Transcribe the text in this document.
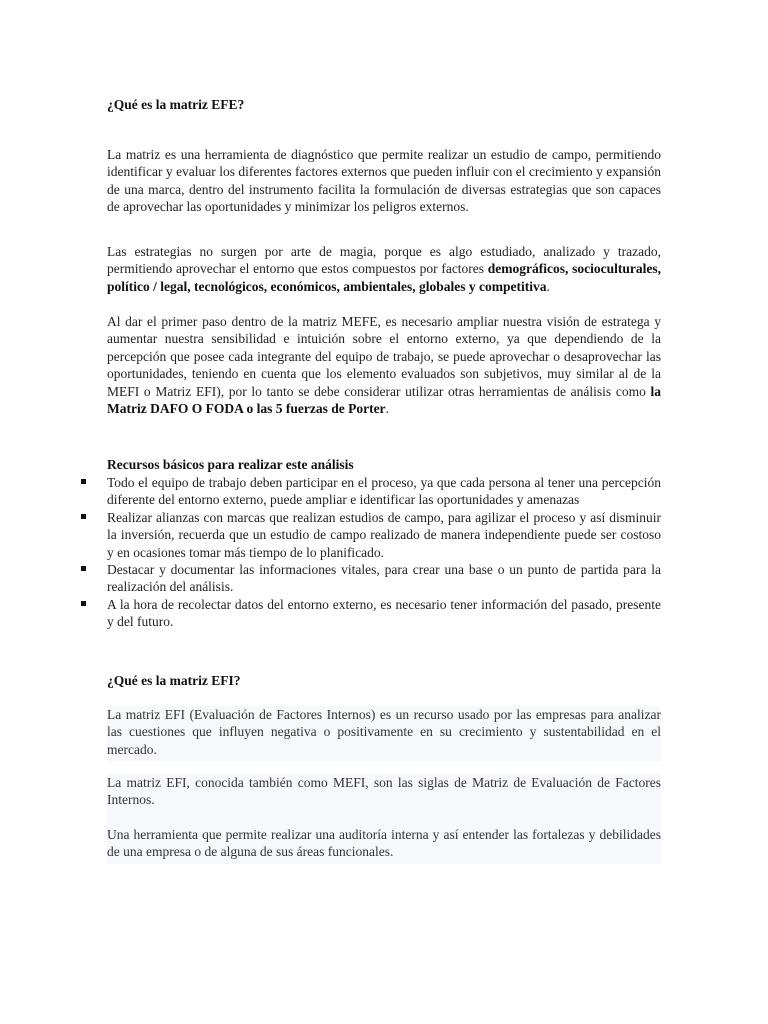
¿Qué es la matriz EFE?

La matriz es una herramienta de diagnóstico que permite realizar un estudio de campo, permitiendo identificar y evaluar los diferentes factores externos que pueden influir con el crecimiento y expansión de una marca, dentro del instrumento facilita la formulación de diversas estrategias que son capaces de aprovechar las oportunidades y minimizar los peligros externos.

Las estrategias no surgen por arte de magia, porque es algo estudiado, analizado y trazado, permitiendo aprovechar el entorno que estos compuestos por factores demográficos, socioculturales, político / legal, tecnológicos, económicos, ambientales, globales y competitiva.

Al dar el primer paso dentro de la matriz MEFE, es necesario ampliar nuestra visión de estratega y aumentar nuestra sensibilidad e intuición sobre el entorno externo, ya que dependiendo de la percepción que posee cada integrante del equipo de trabajo, se puede aprovechar o desaprovechar las oportunidades, teniendo en cuenta que los elemento evaluados son subjetivos, muy similar al de la MEFI o Matriz EFI), por lo tanto se debe considerar utilizar otras herramientas de análisis como la Matriz DAFO O FODA o las 5 fuerzas de Porter.

Recursos básicos para realizar este análisis

Todo el equipo de trabajo deben participar en el proceso, ya que cada persona al tener una percepción diferente del entorno externo, puede ampliar e identificar las oportunidades y amenazas
Realizar alianzas con marcas que realizan estudios de campo, para agilizar el proceso y así disminuir la inversión, recuerda que un estudio de campo realizado de manera independiente puede ser costoso y en ocasiones tomar más tiempo de lo planificado.
Destacar y documentar las informaciones vitales, para crear una base o un punto de partida para la realización del análisis.
A la hora de recolectar datos del entorno externo, es necesario tener información del pasado, presente y del futuro.

¿Qué es la matriz EFI?

La matriz EFI (Evaluación de Factores Internos) es un recurso usado por las empresas para analizar las cuestiones que influyen negativa o positivamente en su crecimiento y sustentabilidad en el mercado.

La matriz EFI, conocida también como MEFI, son las siglas de Matriz de Evaluación de Factores Internos.

Una herramienta que permite realizar una auditoría interna y así entender las fortalezas y debilidades de una empresa o de alguna de sus áreas funcionales.
